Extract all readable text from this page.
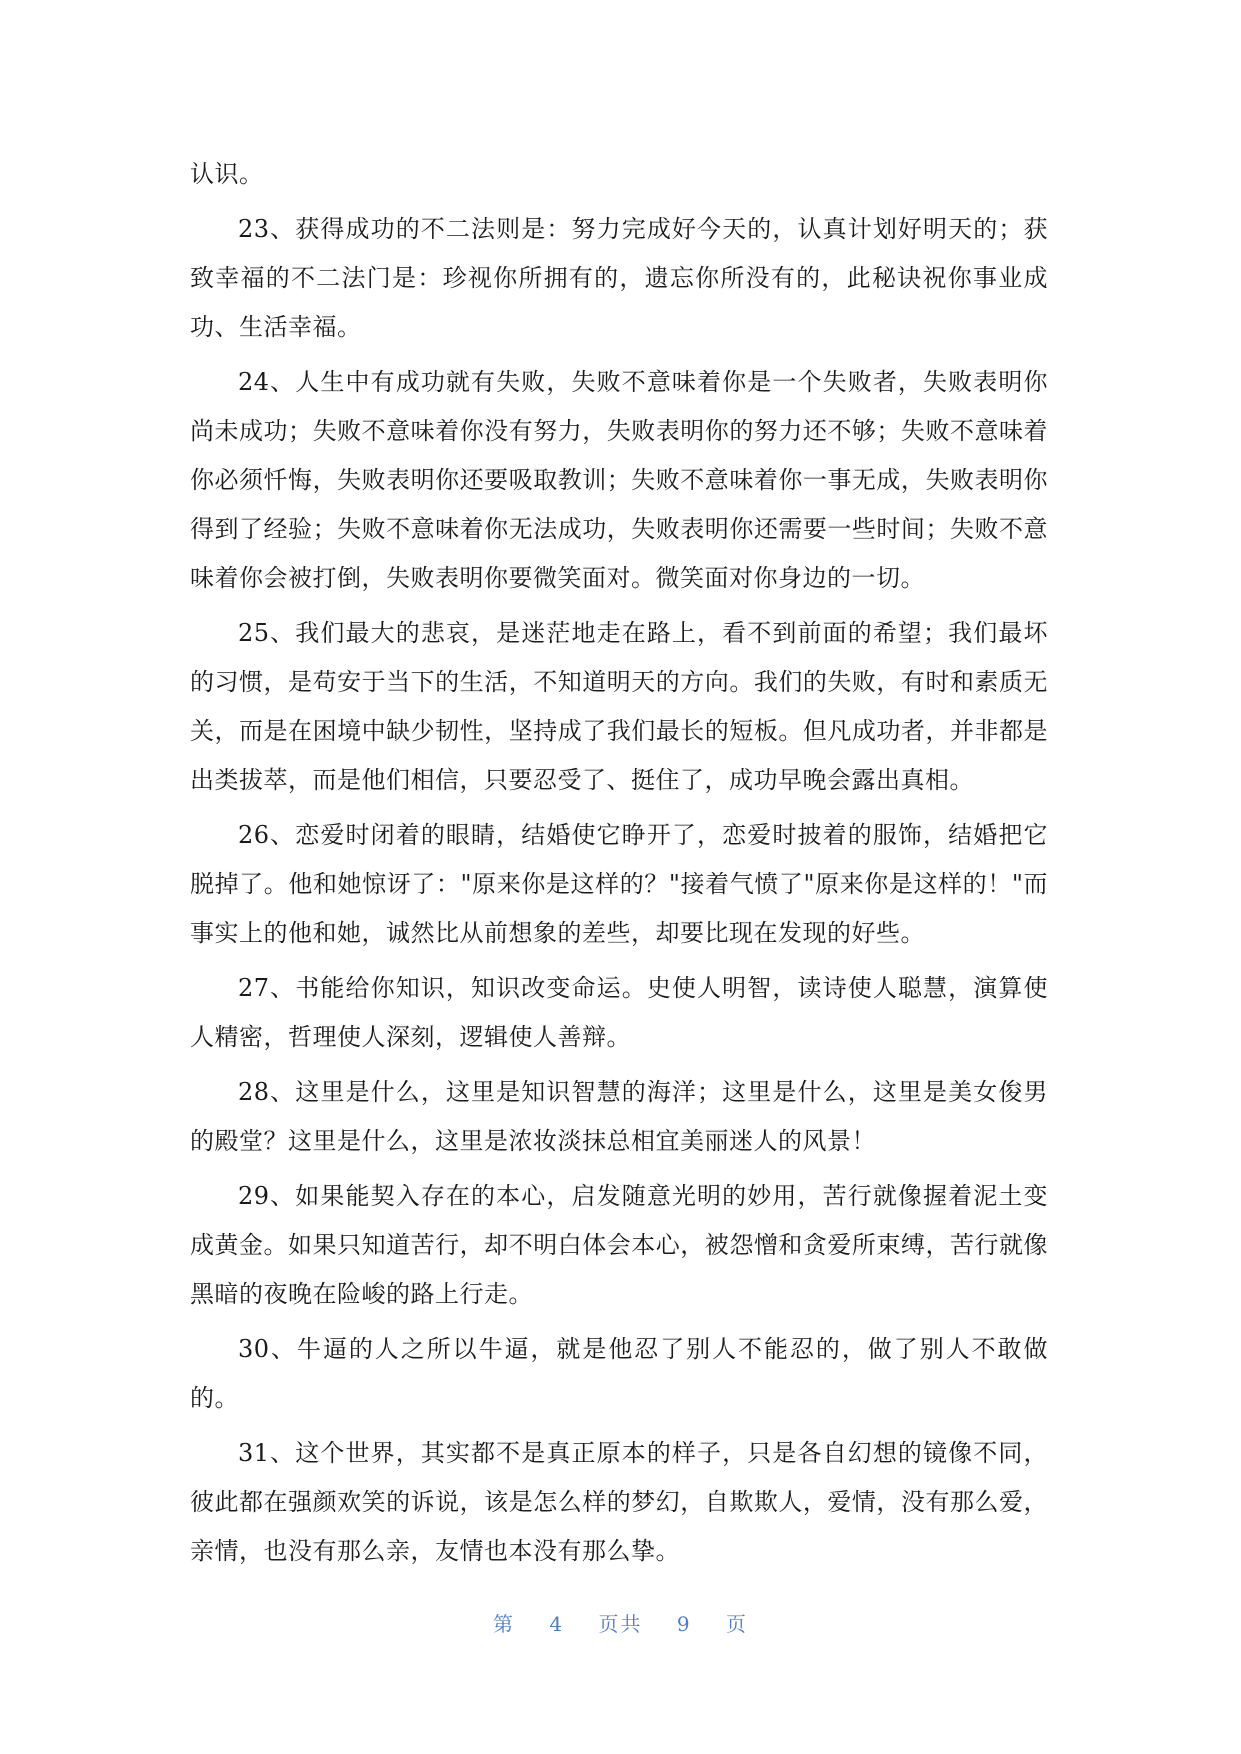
认识。

23、获得成功的不二法则是：努力完成好今天的，认真计划好明天的；获致幸福的不二法门是：珍视你所拥有的，遗忘你所没有的，此秘诀祝你事业成功、生活幸福。

24、人生中有成功就有失败，失败不意味着你是一个失败者，失败表明你尚未成功；失败不意味着你没有努力，失败表明你的努力还不够；失败不意味着你必须忏悔，失败表明你还要吸取教训；失败不意味着你一事无成，失败表明你得到了经验；失败不意味着你无法成功，失败表明你还需要一些时间；失败不意味着你会被打倒，失败表明你要微笑面对。微笑面对你身边的一切。

25、我们最大的悲哀，是迷茫地走在路上，看不到前面的希望；我们最坏的习惯，是苟安于当下的生活，不知道明天的方向。我们的失败，有时和素质无关，而是在困境中缺少韧性，坚持成了我们最长的短板。但凡成功者，并非都是出类拔萃，而是他们相信，只要忍受了、挺住了，成功早晚会露出真相。

26、恋爱时闭着的眼睛，结婚使它睁开了，恋爱时披着的服饰，结婚把它脱掉了。他和她惊讶了："原来你是这样的？"接着气愤了"原来你是这样的！"而事实上的他和她，诚然比从前想象的差些，却要比现在发现的好些。

27、书能给你知识，知识改变命运。史使人明智，读诗使人聪慧，演算使人精密，哲理使人深刻，逻辑使人善辩。

28、这里是什么，这里是知识智慧的海洋；这里是什么，这里是美女俊男的殿堂？这里是什么，这里是浓妆淡抹总相宜美丽迷人的风景！

29、如果能契入存在的本心，启发随意光明的妙用，苦行就像握着泥土变成黄金。如果只知道苦行，却不明白体会本心，被怨憎和贪爱所束缚，苦行就像黑暗的夜晚在险峻的路上行走。

30、牛逼的人之所以牛逼，就是他忍了别人不能忍的，做了别人不敢做的。

31、这个世界，其实都不是真正原本的样子，只是各自幻想的镜像不同，彼此都在强颜欢笑的诉说，该是怎么样的梦幻，自欺欺人，爱情，没有那么爱，亲情，也没有那么亲，友情也本没有那么挚。

第 4 页共 9 页
